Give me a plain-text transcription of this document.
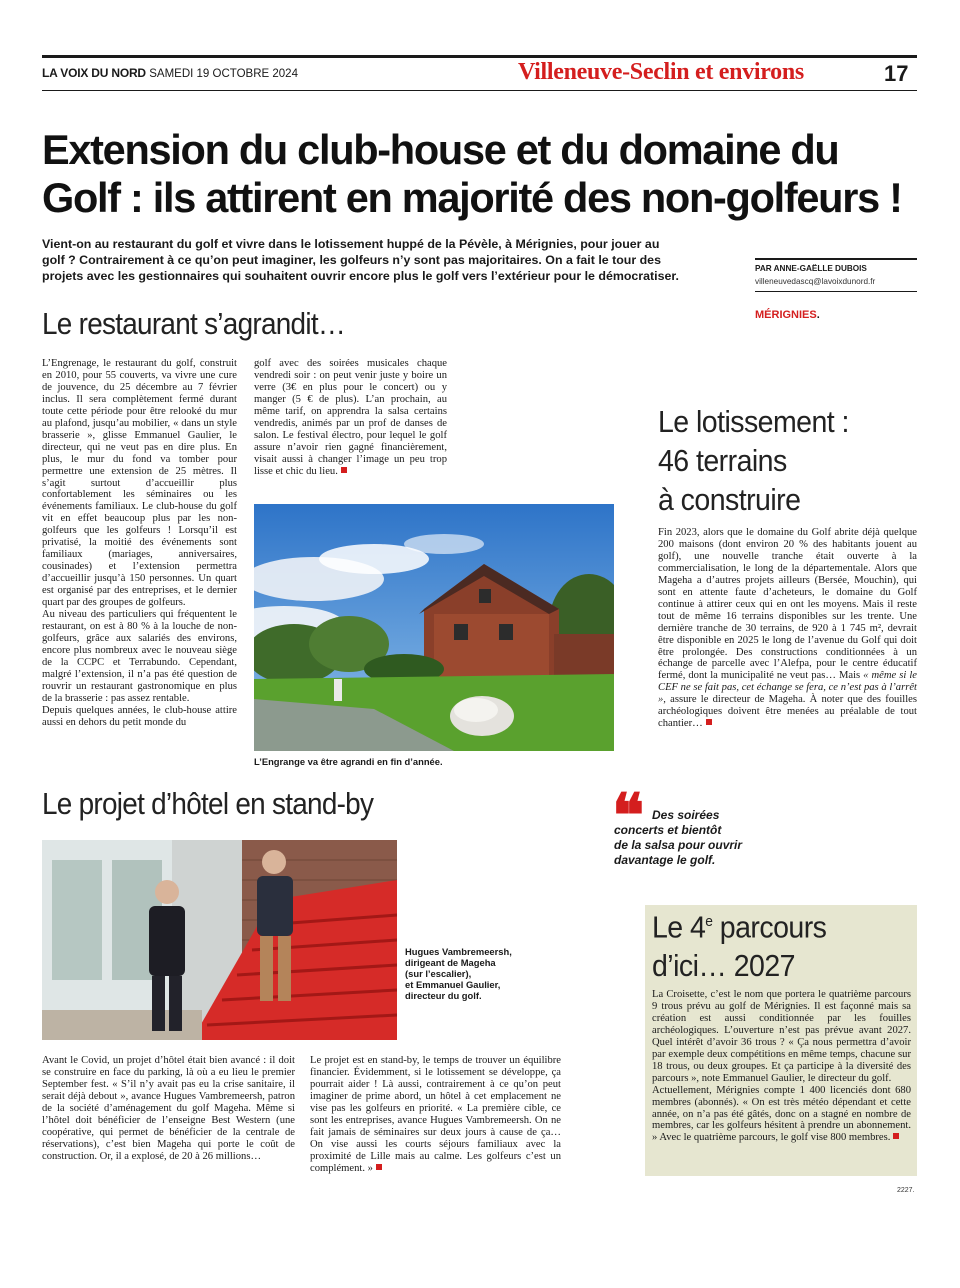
LA VOIX DU NORD SAMEDI 19 OCTOBRE 2024	Villeneuve-Seclin et environs	17
Extension du club-house et du domaine du
Golf : ils attirent en majorité des non-golfeurs !
Vient-on au restaurant du golf et vivre dans le lotissement huppé de la Pévèle, à Mérignies, pour jouer au
golf ? Contrairement à ce qu’on peut imaginer, les golfeurs n’y sont pas majoritaires. On a fait le tour des
projets avec les gestionnaires qui souhaitent ouvrir encore plus le golf vers l’extérieur pour le démocratiser.
PAR ANNE-GAËLLE DUBOIS
villeneuvedascq@lavoixdunord.fr
MÉRIGNIES.
Le restaurant s’agrandit…

L’Engrenage, le restaurant du golf, construit en 2010, pour 55 couverts, va vivre une cure de jouvence, du 25 décembre au 7 février inclus. Il sera complètement fermé durant toute cette période pour être relooké du mur au plafond, jusqu’au mobilier, « dans un style brasserie », glisse Emmanuel Gaulier, le directeur, qui ne veut pas en dire plus. En plus, le mur du fond va tomber pour permettre une extension de 25 mètres. Il s’agit surtout d’accueillir plus confortablement les séminaires ou les événements familiaux. Le club-house du golf vit en effet beaucoup plus par les non-golfeurs que les golfeurs ! Lorsqu’il est privatisé, la moitié des événements sont familiaux (mariages, anniversaires, cousinades) et l’extension permettra d’accueillir jusqu’à 150 personnes. Un quart est organisé par des entreprises, et le dernier quart par des groupes de golfeurs.

Au niveau des particuliers qui fréquentent le restaurant, on est à 80 % à la louche de non-golfeurs, grâce aux salariés des environs, encore plus nombreux avec le nouveau siège de la CCPC et Terrabundo. Cependant, malgré l’extension, il n’a pas été question de rouvrir un restaurant gastronomique en plus de la brasserie : pas assez rentable.

Depuis quelques années, le club-house attire aussi en dehors du petit monde du

golf avec des soirées musicales chaque vendredi soir : on peut venir juste y boire un verre (3€ en plus pour le concert) ou y manger (5 € de plus). L’an prochain, au même tarif, on apprendra la salsa certains vendredis, animés par un prof de danses de salon. Le festival électro, pour lequel le golf assure n’avoir rien gagné financièrement, visait aussi à changer l’image un peu trop lisse et chic du lieu.

L’Engrange va être agrandi en fin d’année.
Le lotissement :
46 terrains
à construire

Fin 2023, alors que le domaine du Golf abrite déjà quelque 200 maisons (dont environ 20 % des habitants jouent au golf), une nouvelle tranche était ouverte à la commercialisation, le long de la départementale. Alors que Mageha a d’autres projets ailleurs (Bersée, Mouchin), qui sont en attente faute d’acheteurs, le domaine du Golf continue à attirer ceux qui en ont les moyens. Mais il reste tout de même 16 terrains disponibles sur les trente. Une dernière tranche de 30 terrains, de 920 à 1 745 m², devrait être disponible en 2025 le long de l’avenue du Golf qui doit être prolongée. Des constructions conditionnées à un échange de parcelle avec l’Alefpa, pour le centre éducatif fermé, dont la municipalité ne veut pas… Mais « même si le CEF ne se fait pas, cet échange se fera, ce n’est pas à l’arrêt », assure le directeur de Mageha. À noter que des fouilles archéologiques doivent être menées au préalable de tout chantier…

❝ Des soirées
concerts et bientôt
de la salsa pour ouvrir
davantage le golf.
Le projet d’hôtel en stand-by
Hugues Vambremeersh,
dirigeant de Mageha
(sur l’escalier),
et Emmanuel Gaulier,
directeur du golf.

Avant le Covid, un projet d’hôtel était bien avancé : il doit se construire en face du parking, là où a eu lieu le premier September fest. « S’il n’y avait pas eu la crise sanitaire, il serait déjà debout », avance Hugues Vambremeersh, patron de la société d’aménagement du golf Mageha. Même si l’hôtel doit bénéficier de l’enseigne Best Western (une coopérative, qui permet de bénéficier de la centrale de réservations), c’est bien Mageha qui porte le coût de construction. Or, il a explosé, de 20 à 26 millions…

Le projet est en stand-by, le temps de trouver un équilibre financier. Évidemment, si le lotissement se développe, ça pourrait aider ! Là aussi, contrairement à ce qu’on peut imaginer de prime abord, un hôtel à cet emplacement ne vise pas les golfeurs en priorité. « La première cible, ce sont les entreprises, avance Hugues Vambremeersh. On ne fait jamais de séminaires sur deux jours à cause de ça… On vise aussi les courts séjours familiaux avec la proximité de Lille mais au calme. Les golfeurs c’est un complément. »

Le 4e parcours
d’ici… 2027

La Croisette, c’est le nom que portera le quatrième parcours 9 trous prévu au golf de Mérignies. Il est façonné mais sa création est aussi conditionnée par les fouilles archéologiques. L’ouverture n’est pas prévue avant 2027. Quel intérêt d’avoir 36 trous ? « Ça nous permettra d’avoir par exemple deux compétitions en même temps, chacune sur 18 trous, ou deux groupes. Et ça participe à la diversité des parcours », note Emmanuel Gaulier, le directeur du golf.

Actuellement, Mérignies compte 1 400 licenciés dont 680 membres (abonnés). « On est très météo dépendant et cette année, on n’a pas été gâtés, donc on a stagné en nombre de membres, car les golfeurs hésitent à prendre un abonnement. » Avec le quatrième parcours, le golf vise 800 membres.

2227.
